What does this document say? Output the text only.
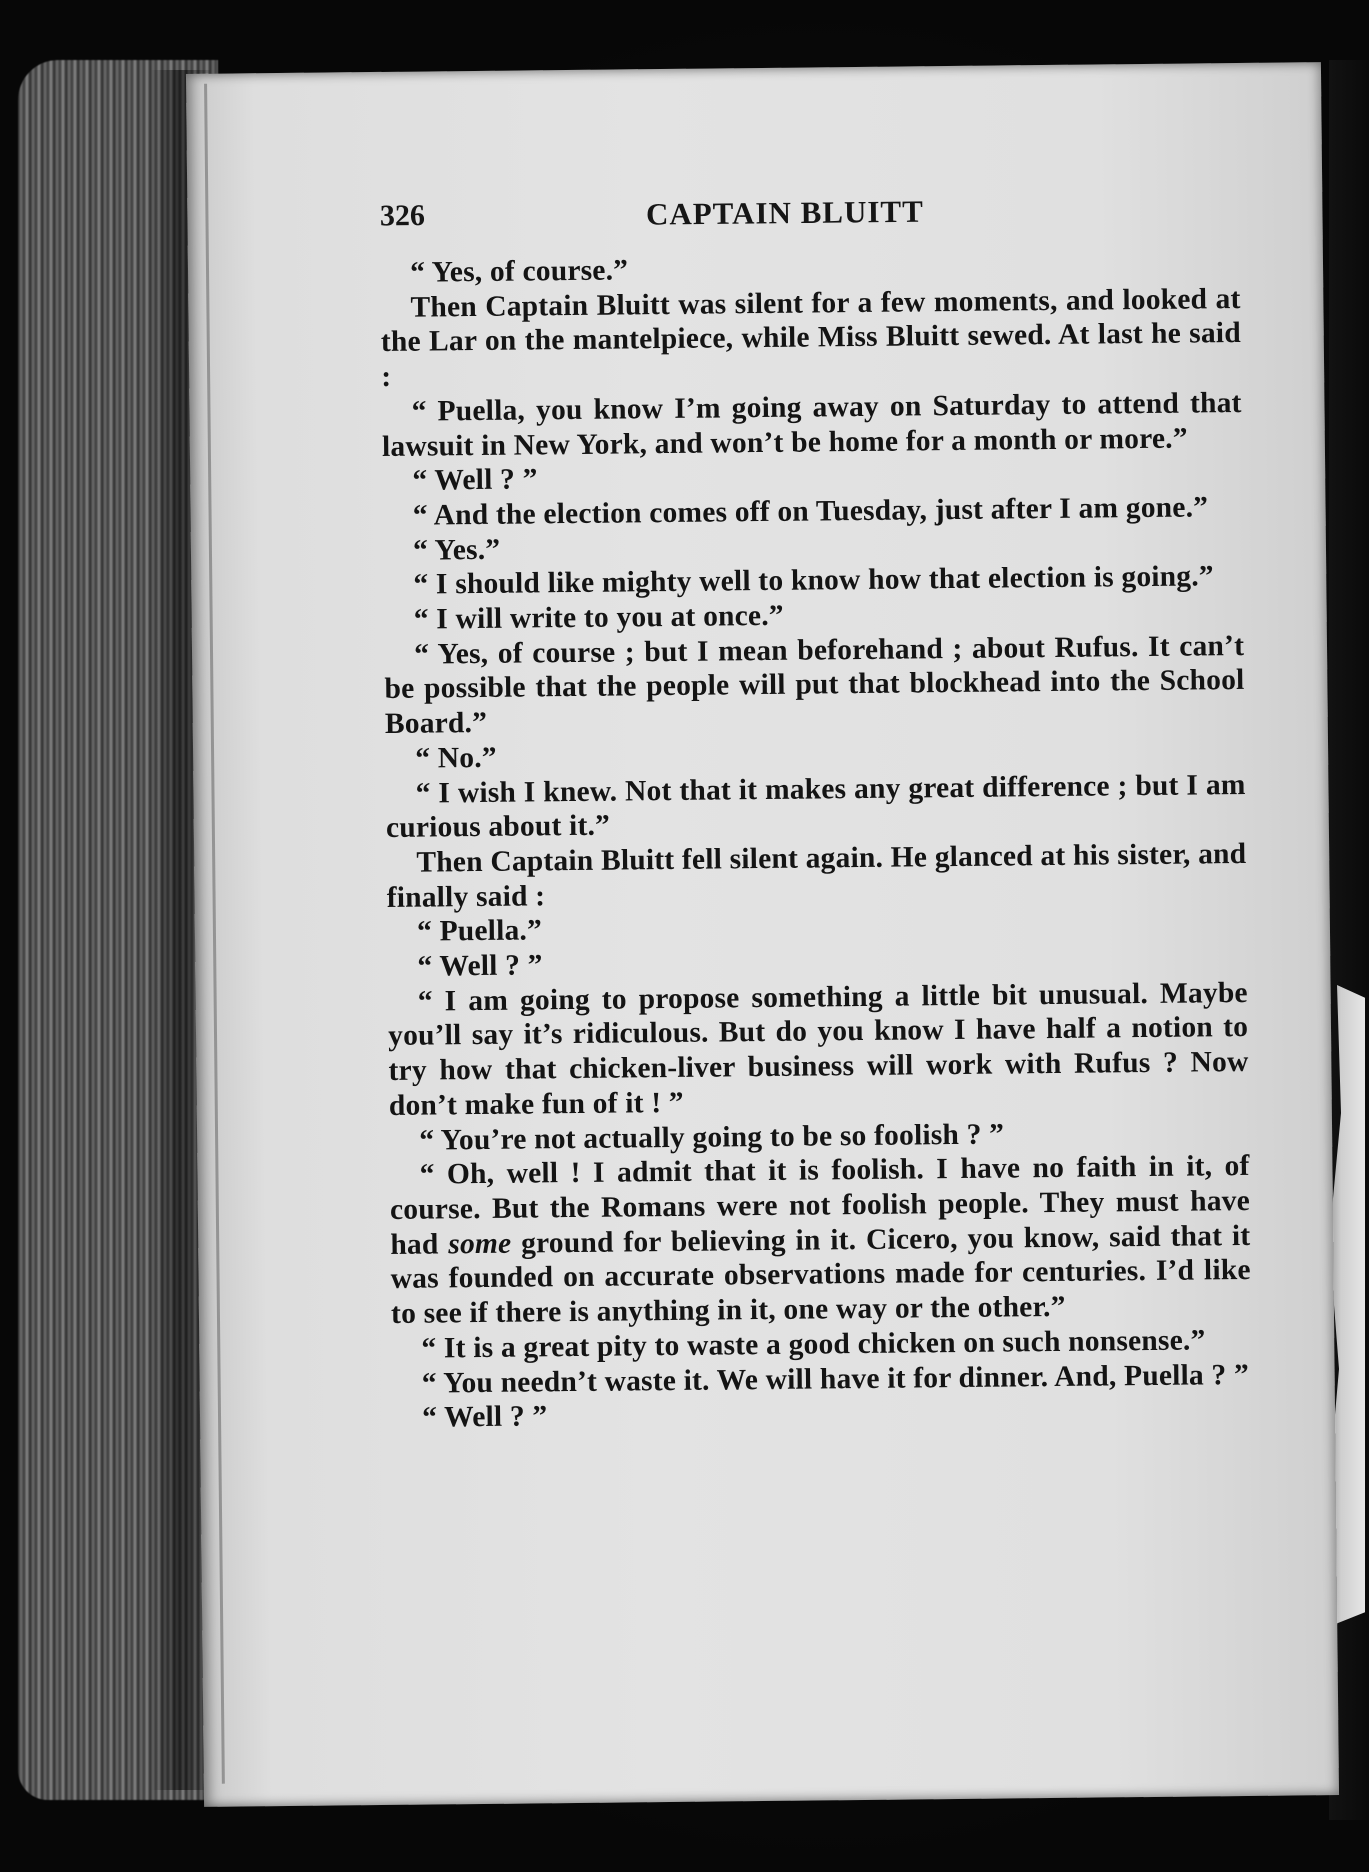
326	CAPTAIN BLUITT

“ Yes, of course.”

Then Captain Bluitt was silent for a few moments, and looked at the Lar on the mantelpiece, while Miss Bluitt sewed. At last he said :

“ Puella, you know I’m going away on Saturday to attend that lawsuit in New York, and won’t be home for a month or more.”

“ Well ? ”

“ And the election comes off on Tuesday, just after I am gone.”

“ Yes.”

“ I should like mighty well to know how that election is going.”

“ I will write to you at once.”

“ Yes, of course ; but I mean beforehand ; about Rufus. It can’t be possible that the people will put that blockhead into the School Board.”

“ No.”

“ I wish I knew. Not that it makes any great difference ; but I am curious about it.”

Then Captain Bluitt fell silent again. He glanced at his sister, and finally said :

“ Puella.”

“ Well ? ”

“ I am going to propose something a little bit unusual. Maybe you’ll say it’s ridiculous. But do you know I have half a notion to try how that chicken-liver business will work with Rufus ? Now don’t make fun of it ! ”

“ You’re not actually going to be so foolish ? ”

“ Oh, well ! I admit that it is foolish. I have no faith in it, of course. But the Romans were not foolish people. They must have had some ground for believing in it. Cicero, you know, said that it was founded on accurate observations made for centuries. I’d like to see if there is anything in it, one way or the other.”

“ It is a great pity to waste a good chicken on such nonsense.”

“ You needn’t waste it. We will have it for dinner. And, Puella ? ”

“ Well ? ”
